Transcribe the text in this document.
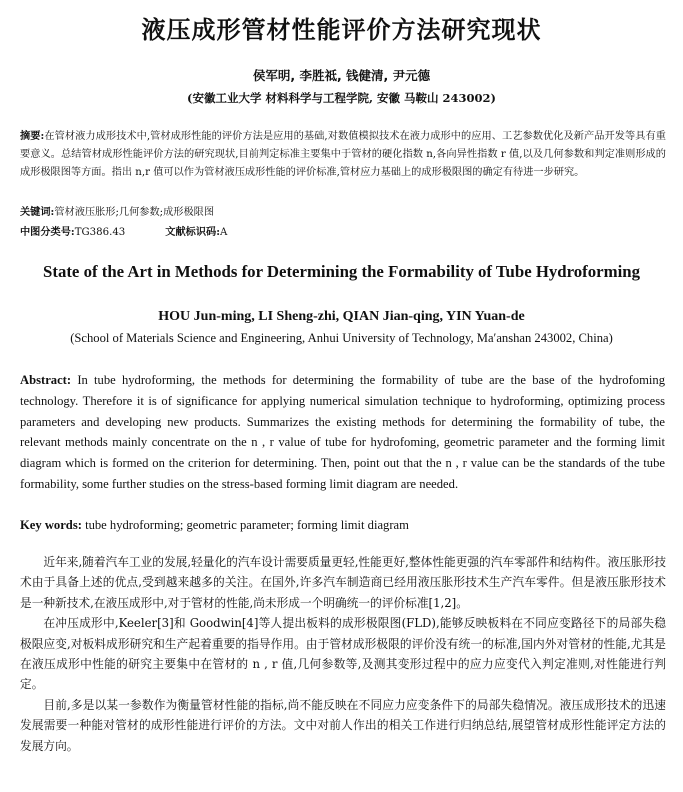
液压成形管材性能评价方法研究现状
侯军明, 李胜祗, 钱健清, 尹元德
(安徽工业大学 材料科学与工程学院, 安徽 马鞍山 243002)
摘要:在管材液力成形技术中,管材成形性能的评价方法是应用的基础,对数值模拟技术在液力成形中的应用、工艺参数优化及新产品开发等具有重要意义。总结管材成形性能评价方法的研究现状,目前判定标准主要集中于管材的硬化指数 n,各向异性指数 r 值,以及几何参数和判定准则形成的成形极限图等方面。指出 n,r 值可以作为管材液压成形性能的评价标准,管材应力基础上的成形极限图的确定有待进一步研究。
关键词:管材液压胀形;几何参数;成形极限图
中图分类号:TG386.43	文献标识码:A
State of the Art in Methods for Determining the Formability of Tube Hydroforming
HOU Jun-ming, LI Sheng-zhi, QIAN Jian-qing, YIN Yuan-de
(School of Materials Science and Engineering, Anhui University of Technology, Ma′anshan 243002, China)
Abstract: In tube hydroforming, the methods for determining the formability of tube are the base of the hydrofoming technology. Therefore it is of significance for applying numerical simulation technique to hydroforming, optimizing process parameters and developing new products. Summarizes the existing methods for determining the formability of tube, the relevant methods mainly concentrate on the n , r value of tube for hydrofoming, geometric parameter and the forming limit diagram which is formed on the criterion for determining. Then, point out that the n , r value can be the standards of the tube formability, some further studies on the stress-based forming limit diagram are needed.
Key words: tube hydroforming; geometric parameter; forming limit diagram

近年来,随着汽车工业的发展,轻量化的汽车设计需要质量更轻,性能更好,整体性能更强的汽车零部件和结构件。液压胀形技术由于具备上述的优点,受到越来越多的关注。在国外,许多汽车制造商已经用液压胀形技术生产汽车零件。但是液压胀形技术是一种新技术,在液压成形中,对于管材的性能,尚未形成一个明确统一的评价标准[1,2]。

在冲压成形中,Keeler[3]和 Goodwin[4]等人提出板料的成形极限图(FLD),能够反映板料在不同应变路径下的局部失稳极限应变,对板料成形研究和生产起着重要的指导作用。由于管材成形极限的评价没有统一的标准,国内外对管材的性能,尤其是在液压成形中性能的研究主要集中在管材的 n , r 值,几何参数等,及测其变形过程中的应力应变代入判定准则,对性能进行判定。

目前,多是以某一参数作为衡量管材性能的指标,尚不能反映在不同应力应变条件下的局部失稳情况。液压成形技术的迅速发展需要一种能对管材的成形性能进行评价的方法。文中对前人作出的相关工作进行归纳总结,展望管材成形性能评定方法的发展方向。
